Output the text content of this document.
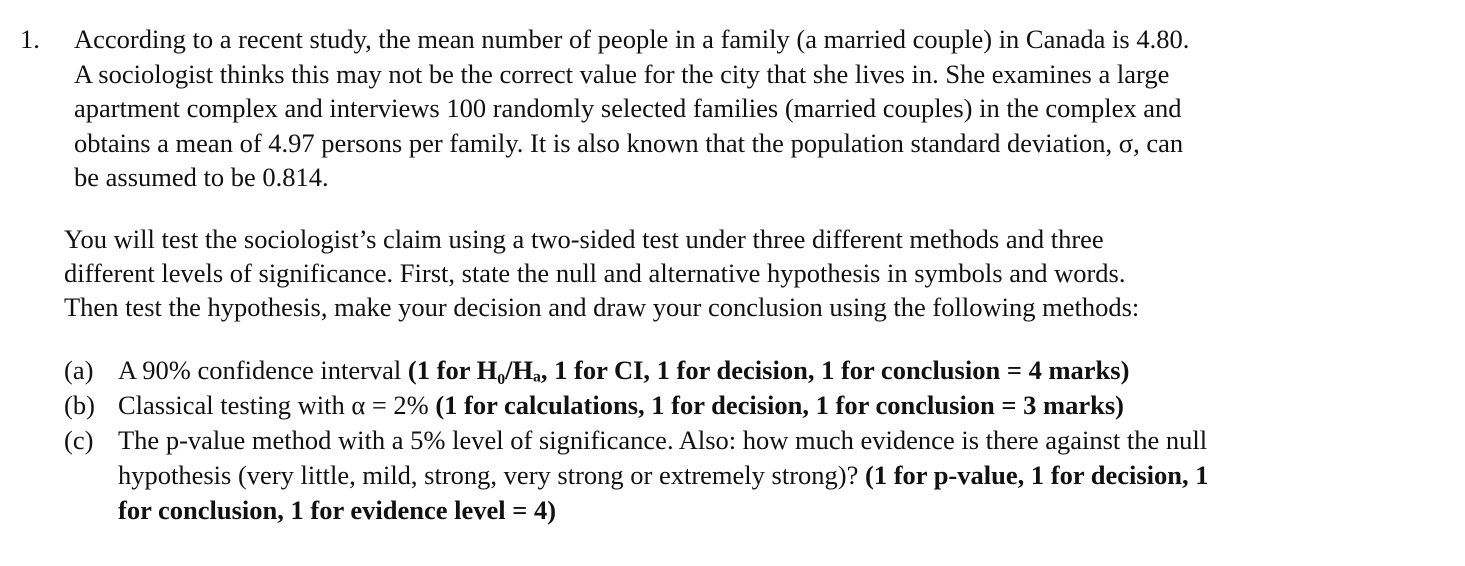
1. According to a recent study, the mean number of people in a family (a married couple) in Canada is 4.80.
A sociologist thinks this may not be the correct value for the city that she lives in. She examines a large
apartment complex and interviews 100 randomly selected families (married couples) in the complex and
obtains a mean of 4.97 persons per family. It is also known that the population standard deviation, σ, can
be assumed to be 0.814.
You will test the sociologist’s claim using a two-sided test under three different methods and three
different levels of significance. First, state the null and alternative hypothesis in symbols and words.
Then test the hypothesis, make your decision and draw your conclusion using the following methods:
(a) A 90% confidence interval (1 for H₀/Hₐ, 1 for CI, 1 for decision, 1 for conclusion = 4 marks)
(b) Classical testing with α = 2% (1 for calculations, 1 for decision, 1 for conclusion = 3 marks)
(c) The p-value method with a 5% level of significance. Also: how much evidence is there against the null
hypothesis (very little, mild, strong, very strong or extremely strong)? (1 for p-value, 1 for decision, 1
for conclusion, 1 for evidence level = 4)
